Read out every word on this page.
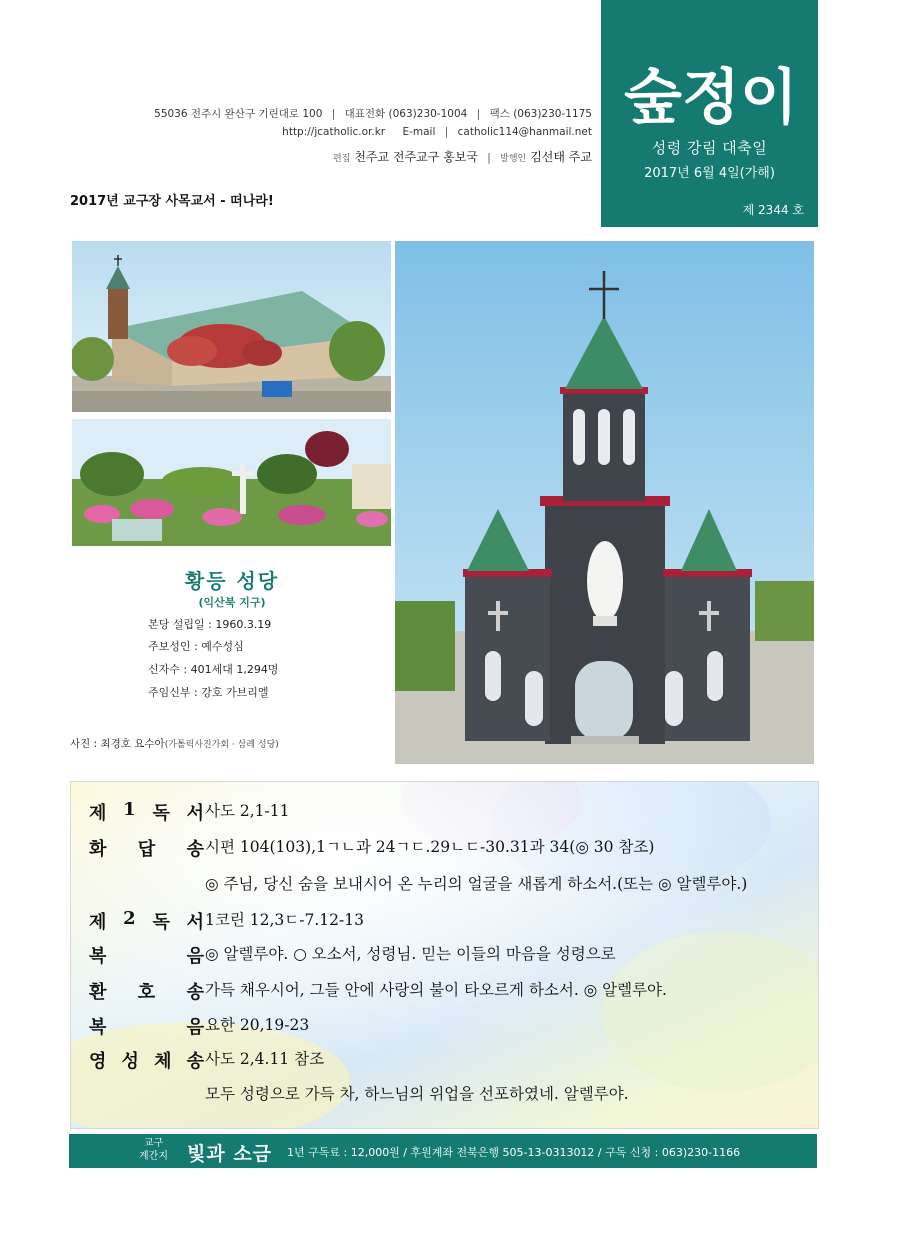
55036 전주시 완산구 기린대로 100 | 대표전화 (063)230-1004 | 팩스 (063)230-1175
http://jcatholic.or.kr E-mail | catholic114@hanmail.net
편집 천주교 전주교구 홍보국 | 발행인 김선태 주교
숲정이
성령 강림 대축일
2017년 6월 4일(가해)
제 2344 호
2017년 교구장 사목교서 - 떠나라!
황등 성당
(익산북 지구)
본당 설립일 : 1960.3.19
주보성인 : 예수성심
신자수 : 401세대 1,294명
주임신부 : 강호 가브리엘
사진 : 최경호 요수아(가톨릭사진가회 · 삼례 성당)
제 1 독 서 사도 2,1-11
화 답 송 시편 104(103),1ㄱㄴ과 24ㄱㄷ.29ㄴㄷ-30.31과 34(◎ 30 참조)
◎ 주님, 당신 숨을 보내시어 온 누리의 얼굴을 새롭게 하소서.(또는 ◎ 알렐루야.)
제 2 독 서 1코린 12,3ㄷ-7.12-13
복	음 ◎ 알렐루야. ○ 오소서, 성령님. 믿는 이들의 마음을 성령으로
환 호 송 가득 채우시어, 그들 안에 사랑의 불이 타오르게 하소서. ◎ 알렐루야.
복	음 요한 20,19-23
영 성 체 송 사도 2,4.11 참조
모두 성령으로 가득 차, 하느님의 위업을 선포하였네. 알렐루야.
교구
계간지 빛과 소금 1년 구독료 : 12,000원 / 후원계좌 전북은행 505-13-0313012 / 구독 신청 : 063)230-1166
